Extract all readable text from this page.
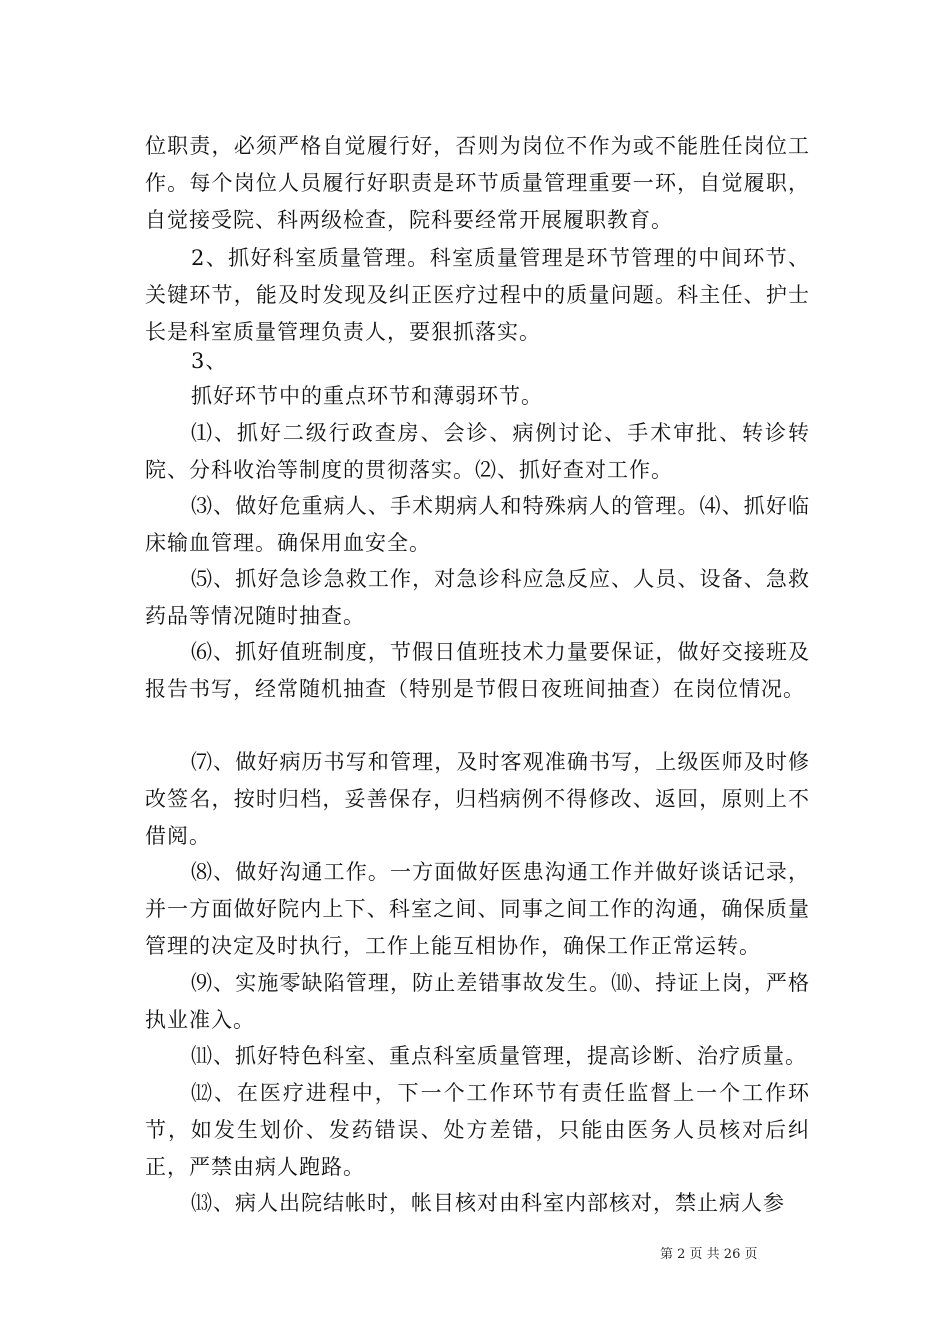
位职责，必须严格自觉履行好，否则为岗位不作为或不能胜任岗位工作。每个岗位人员履行好职责是环节质量管理重要一环，自觉履职，自觉接受院、科两级检查，院科要经常开展履职教育。

2、抓好科室质量管理。科室质量管理是环节管理的中间环节、关键环节，能及时发现及纠正医疗过程中的质量问题。科主任、护士长是科室质量管理负责人，要狠抓落实。

3、

抓好环节中的重点环节和薄弱环节。

⑴、抓好二级行政查房、会诊、病例讨论、手术审批、转诊转院、分科收治等制度的贯彻落实。⑵、抓好查对工作。

⑶、做好危重病人、手术期病人和特殊病人的管理。⑷、抓好临床输血管理。确保用血安全。

⑸、抓好急诊急救工作，对急诊科应急反应、人员、设备、急救药品等情况随时抽查。

⑹、抓好值班制度，节假日值班技术力量要保证，做好交接班及报告书写，经常随机抽查（特别是节假日夜班间抽查）在岗位情况。

⑺、做好病历书写和管理，及时客观准确书写，上级医师及时修改签名，按时归档，妥善保存，归档病例不得修改、返回，原则上不借阅。

⑻、做好沟通工作。一方面做好医患沟通工作并做好谈话记录，并一方面做好院内上下、科室之间、同事之间工作的沟通，确保质量管理的决定及时执行，工作上能互相协作，确保工作正常运转。

⑼、实施零缺陷管理，防止差错事故发生。⑽、持证上岗，严格执业准入。

⑾、抓好特色科室、重点科室质量管理，提高诊断、治疗质量。

⑿、在医疗进程中，下一个工作环节有责任监督上一个工作环节，如发生划价、发药错误、处方差错，只能由医务人员核对后纠正，严禁由病人跑路。

⒀、病人出院结帐时，帐目核对由科室内部核对，禁止病人参

第 2 页 共 26 页
